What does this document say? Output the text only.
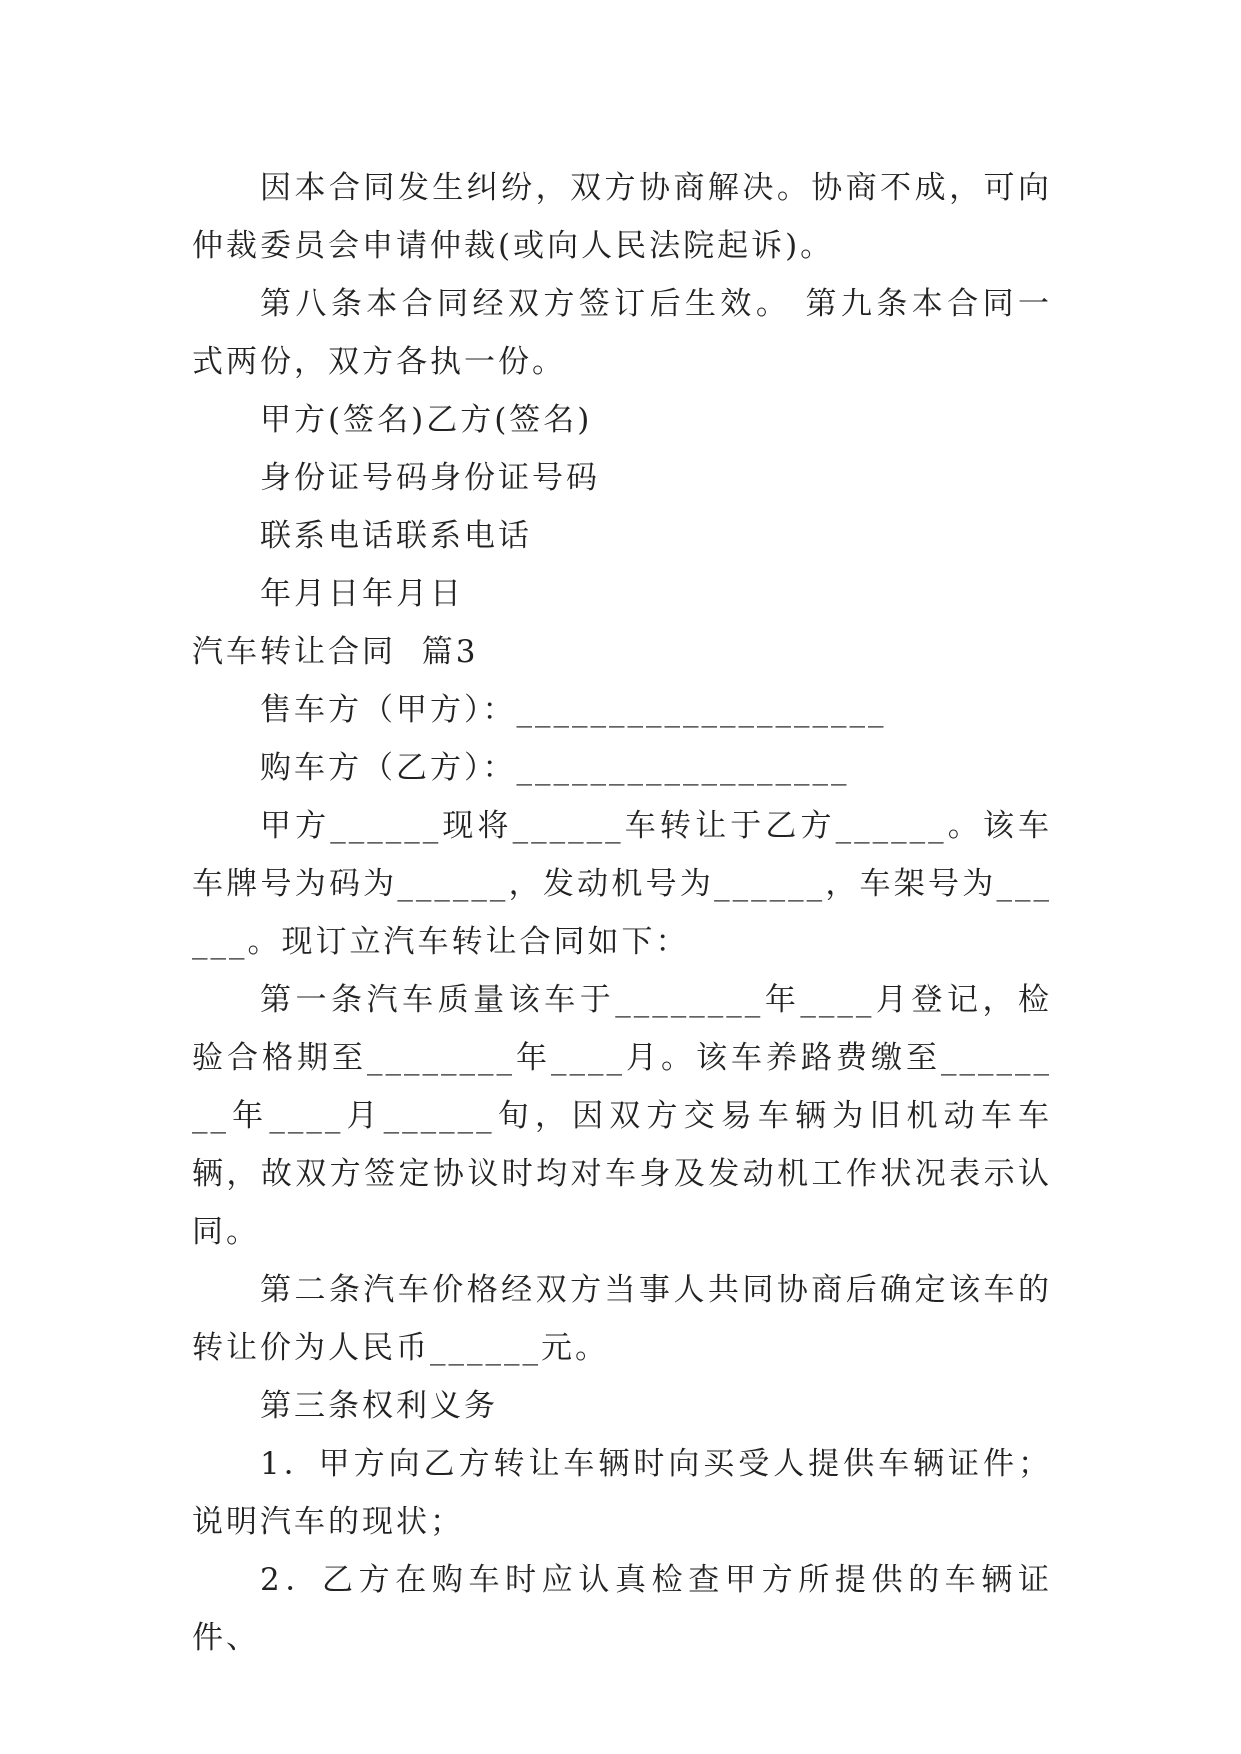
因本合同发生纠纷，双方协商解决。协商不成，可向仲裁委员会申请仲裁(或向人民法院起诉)。

第八条本合同经双方签订后生效。 第九条本合同一式两份，双方各执一份。

甲方(签名)乙方(签名)

身份证号码身份证号码

联系电话联系电话

年月日年月日

汽车转让合同  篇3

售车方（甲方）：____________________

购车方（乙方）：__________________

甲方______现将______车转让于乙方______。该车车牌号为码为______，发动机号为______，车架号为______。现订立汽车转让合同如下：

第一条汽车质量该车于________年____月登记，检验合格期至________年____月。该车养路费缴至________年____月______旬，因双方交易车辆为旧机动车车辆，故双方签定协议时均对车身及发动机工作状况表示认同。

第二条汽车价格经双方当事人共同协商后确定该车的转让价为人民币______元。

第三条权利义务

1．甲方向乙方转让车辆时向买受人提供车辆证件；说明汽车的现状；

2．乙方在购车时应认真检查甲方所提供的车辆证件、
